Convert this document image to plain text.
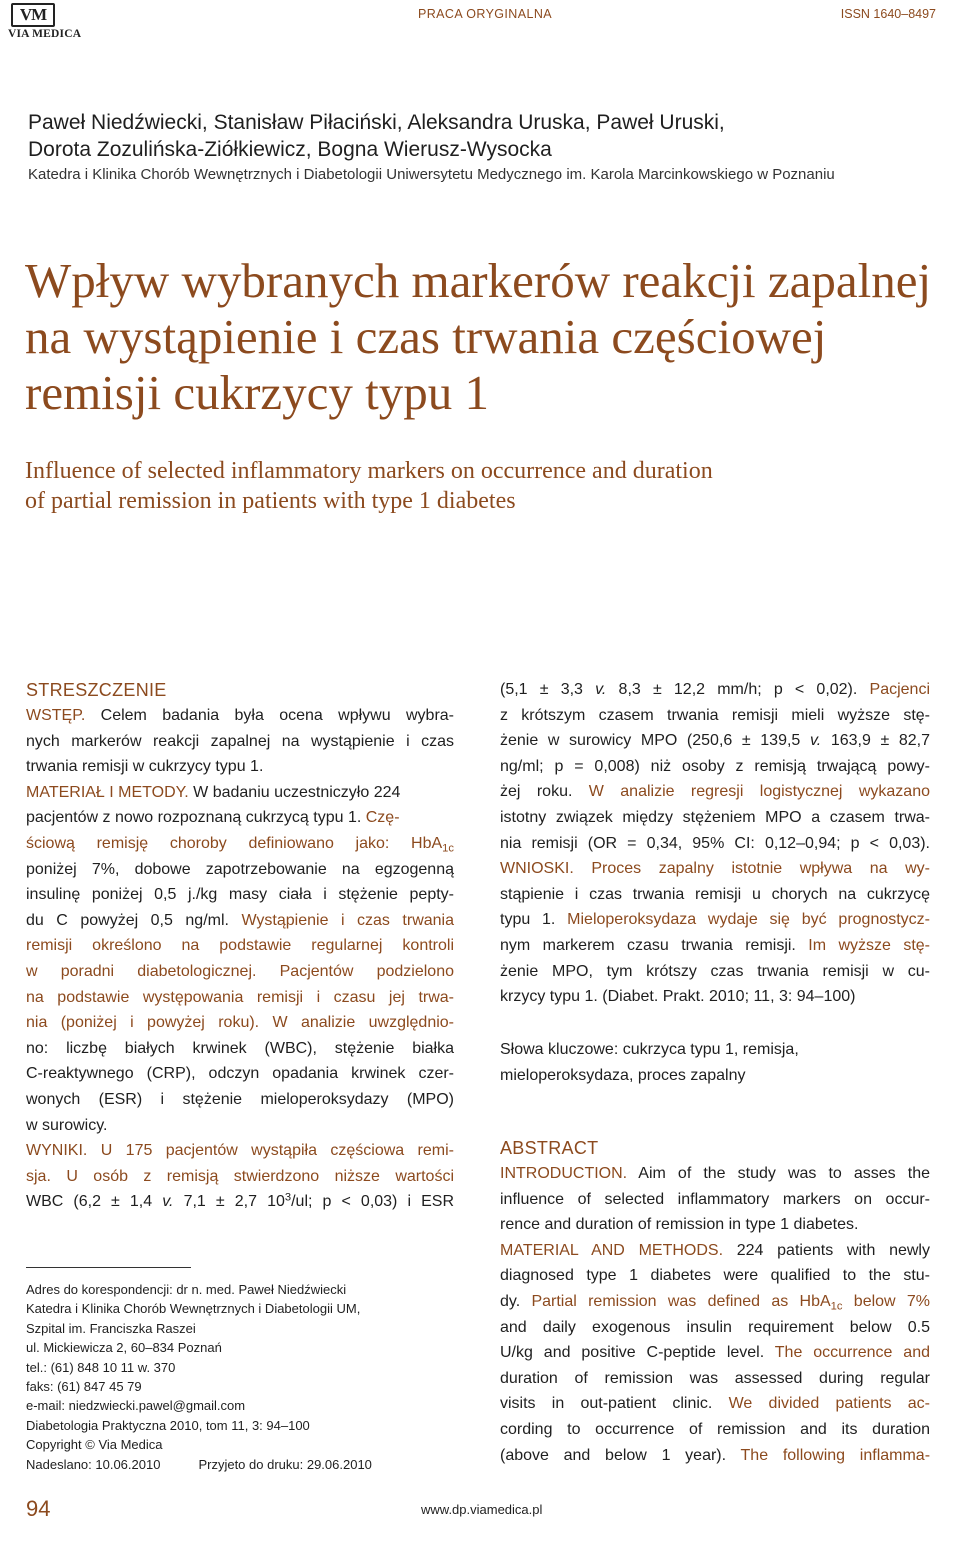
VM
VIA MEDICA
PRACA ORYGINALNA	ISSN 1640–8497
Paweł Niedźwiecki, Stanisław Piłaciński, Aleksandra Uruska, Paweł Uruski,
Dorota Zozulińska-Ziółkiewicz, Bogna Wierusz-Wysocka
Katedra i Klinika Chorób Wewnętrznych i Diabetologii Uniwersytetu Medycznego im. Karola Marcinkowskiego w Poznaniu
Wpływ wybranych markerów reakcji zapalnej
na wystąpienie i czas trwania częściowej
remisji cukrzycy typu 1
Influence of selected inflammatory markers on occurrence and duration
of partial remission in patients with type 1 diabetes
STRESZCZENIE
WSTĘP. Celem badania była ocena wpływu wybra-
nych markerów reakcji zapalnej na wystąpienie i czas
trwania remisji w cukrzycy typu 1.
MATERIAŁ I METODY. W badaniu uczestniczyło 224
pacjentów z nowo rozpoznaną cukrzycą typu 1. Czę-
ściową remisję choroby definiowano jako: HbA$_{1c}$
poniżej 7%, dobowe zapotrzebowanie na egzogenną
insulinę poniżej 0,5 j./kg masy ciała i stężenie pepty-
du C powyżej 0,5 ng/ml. Wystąpienie i czas trwania
remisji określono na podstawie regularnej kontroli
w poradni diabetologicznej. Pacjentów podzielono
na podstawie występowania remisji i czasu jej trwa-
nia (poniżej i powyżej roku). W analizie uwzględnio-
no: liczbę białych krwinek (WBC), stężenie białka
C-reaktywnego (CRP), odczyn opadania krwinek czer-
wonych (ESR) i stężenie mieloperoksydazy (MPO)
w surowicy.
WYNIKI. U 175 pacjentów wystąpiła częściowa remi-
sja. U osób z remisją stwierdzono niższe wartości
WBC (6,2 ± 1,4 v. 7,1 ± 2,7 $10^3/ul$; p < 0,03) i ESR
(5,1 ± 3,3 v. 8,3 ± 12,2 mm/h; p < 0,02). Pacjenci
z krótszym czasem trwania remisji mieli wyższe stę-
żenie w surowicy MPO (250,6 ± 139,5 v. 163,9 ± 82,7
ng/ml; p = 0,008) niż osoby z remisją trwającą powy-
żej roku. W analizie regresji logistycznej wykazano
istotny związek między stężeniem MPO a czasem trwa-
nia remisji (OR = 0,34, 95% CI: 0,12–0,94; p < 0,03).
WNIOSKI. Proces zapalny istotnie wpływa na wy-
stąpienie i czas trwania remisji u chorych na cukrzycę
typu 1. Mieloperoksydaza wydaje się być prognostycz-
nym markerem czasu trwania remisji. Im wyższe stę-
żenie MPO, tym krótszy czas trwania remisji w cu-
krzycy typu 1. (Diabet. Prakt. 2010; 11, 3: 94–100)
Słowa kluczowe: cukrzyca typu 1, remisja,
mieloperoksydaza, proces zapalny
ABSTRACT
INTRODUCTION. Aim of the study was to asses the
influence of selected inflammatory markers on occur-
rence and duration of remission in type 1 diabetes.
MATERIAL AND METHODS. 224 patients with newly
diagnosed type 1 diabetes were qualified to the stu-
dy. Partial remission was defined as HbA$_{1c}$ below 7%
and daily exogenous insulin requirement below 0.5
U/kg and positive C-peptide level. The occurrence and
duration of remission was assessed during regular
visits in out-patient clinic. We divided patients ac-
cording to occurrence of remission and its duration
(above and below 1 year). The following inflamma-
Adres do korespondencji: dr n. med. Paweł Niedźwiecki
Katedra i Klinika Chorób Wewnętrznych i Diabetologii UM,
Szpital im. Franciszka Raszei
ul. Mickiewicza 2, 60–834 Poznań
tel.: (61) 848 10 11 w. 370
faks: (61) 847 45 79
e-mail: niedzwiecki.pawel@gmail.com
Diabetologia Praktyczna 2010, tom 11, 3: 94–100
Copyright © Via Medica
Nadeslano: 10.06.2010	Przyjeto do druku: 29.06.2010
94	www.dp.viamedica.pl
